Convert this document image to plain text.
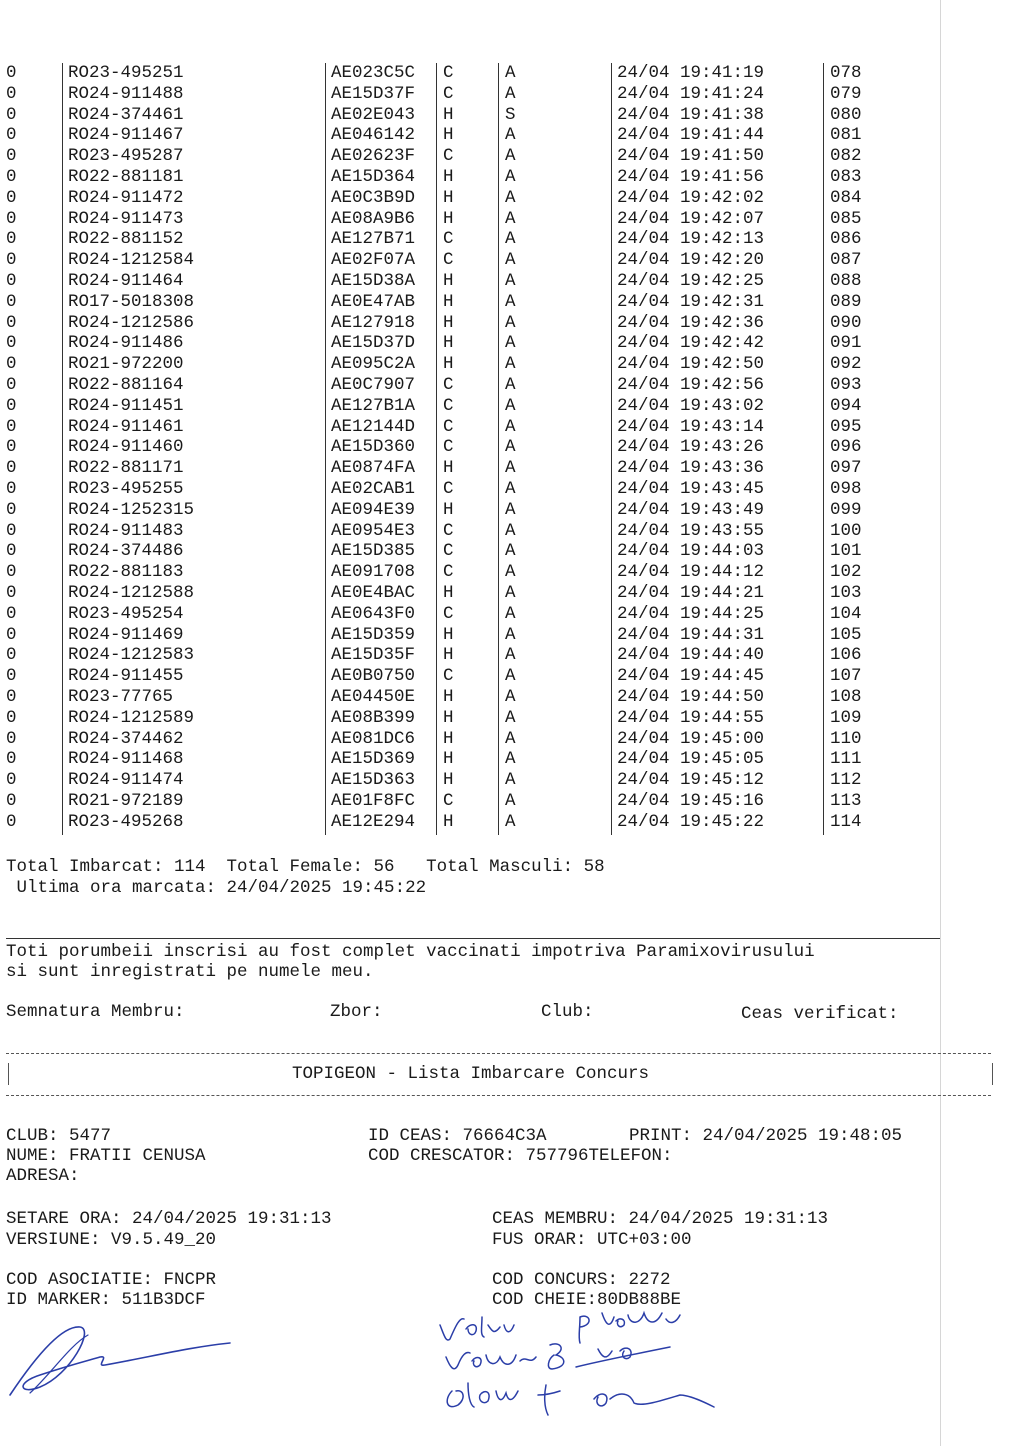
0	RO23-495251	AE023C5C C	A	24/04 19:41:19	078
0	RO24-911488	AE15D37F C	A	24/04 19:41:24	079
0	RO24-374461	AE02E043 H	S	24/04 19:41:38	080
0	RO24-911467	AE046142 H	A	24/04 19:41:44	081
0	RO23-495287	AE02623F C	A	24/04 19:41:50	082
0	RO22-881181	AE15D364 H	A	24/04 19:41:56	083
0	RO24-911472	AE0C3B9D H	A	24/04 19:42:02	084
0	RO24-911473	AE08A9B6 H	A	24/04 19:42:07	085
0	RO22-881152	AE127B71 C	A	24/04 19:42:13	086
0	RO24-1212584	AE02F07A C	A	24/04 19:42:20	087
0	RO24-911464	AE15D38A H	A	24/04 19:42:25	088
0	RO17-5018308	AE0E47AB H	A	24/04 19:42:31	089
0	RO24-1212586	AE127918 H	A	24/04 19:42:36	090
0	RO24-911486	AE15D37D H	A	24/04 19:42:42	091
0	RO21-972200	AE095C2A H	A	24/04 19:42:50	092
0	RO22-881164	AE0C7907 C	A	24/04 19:42:56	093
0	RO24-911451	AE127B1A C	A	24/04 19:43:02	094
0	RO24-911461	AE12144D C	A	24/04 19:43:14	095
0	RO24-911460	AE15D360 C	A	24/04 19:43:26	096
0	RO22-881171	AE0874FA H	A	24/04 19:43:36	097
0	RO23-495255	AE02CAB1 C	A	24/04 19:43:45	098
0	RO24-1252315	AE094E39 H	A	24/04 19:43:49	099
0	RO24-911483	AE0954E3 C	A	24/04 19:43:55	100
0	RO24-374486	AE15D385 C	A	24/04 19:44:03	101
0	RO22-881183	AE091708 C	A	24/04 19:44:12	102
0	RO24-1212588	AE0E4BAC H	A	24/04 19:44:21	103
0	RO23-495254	AE0643F0 C	A	24/04 19:44:25	104
0	RO24-911469	AE15D359 H	A	24/04 19:44:31	105
0	RO24-1212583	AE15D35F H	A	24/04 19:44:40	106
0	RO24-911455	AE0B0750 C	A	24/04 19:44:45	107
0	RO23-77765	AE04450E H	A	24/04 19:44:50	108
0	RO24-1212589	AE08B399 H	A	24/04 19:44:55	109
0	RO24-374462	AE081DC6 H	A	24/04 19:45:00	110
0	RO24-911468	AE15D369 H	A	24/04 19:45:05	111
0	RO24-911474	AE15D363 H	A	24/04 19:45:12	112
0	RO21-972189	AE01F8FC C	A	24/04 19:45:16	113
0	RO23-495268	AE12E294 H	A	24/04 19:45:22	114
Total Imbarcat: 114  Total Female: 56   Total Masculi: 58
Ultima ora marcata: 24/04/2025 19:45:22
Toti porumbeii inscrisi au fost complet vaccinati impotriva Paramixovirusului
si sunt inregistrati pe numele meu.
Semnatura Membru:	Zbor:	Club:	Ceas verificat:
TOPIGEON - Lista Imbarcare Concurs
CLUB: 5477	ID CEAS: 76664C3A	PRINT: 24/04/2025 19:48:05
NUME: FRATII CENUSA	COD CRESCATOR: 757796TELEFON:
ADRESA:
SETARE ORA: 24/04/2025 19:31:13	CEAS MEMBRU: 24/04/2025 19:31:13
VERSIUNE: V9.5.49_20	FUS ORAR: UTC+03:00
COD ASOCIATIE: FNCPR	COD CONCURS: 2272
ID MARKER: 511B3DCF	COD CHEIE:80DB88BE
